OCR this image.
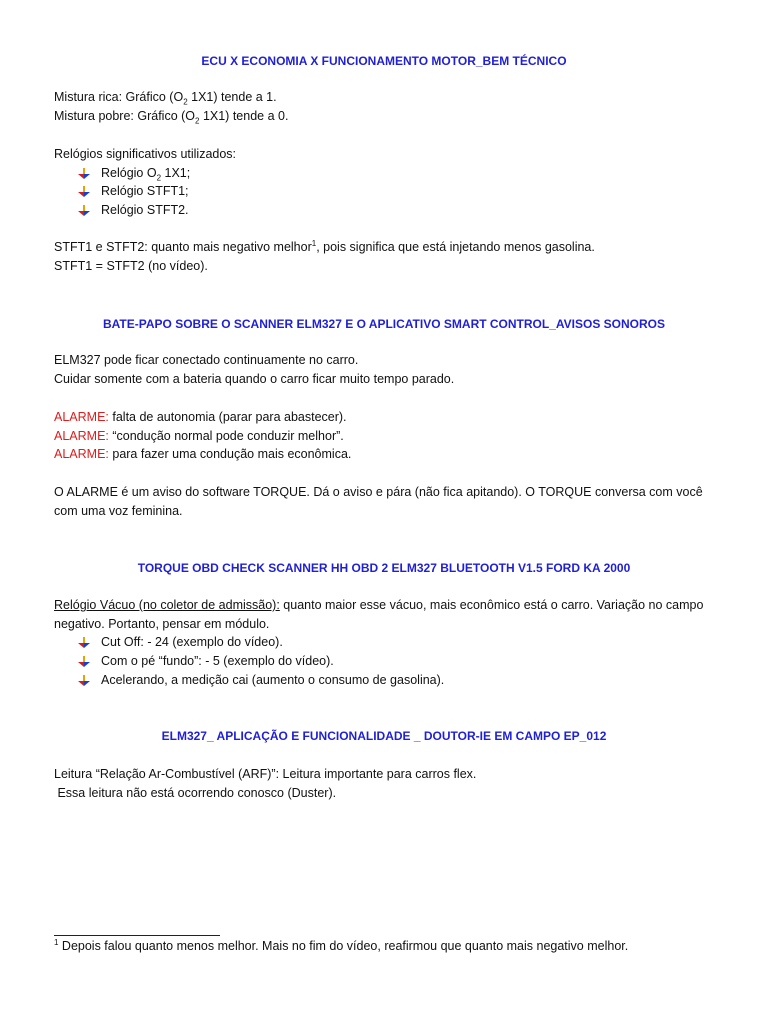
ECU X ECONOMIA X FUNCIONAMENTO MOTOR_BEM TÉCNICO
Mistura rica: Gráfico ($O_2$ 1X1) tende a 1.
Mistura pobre: Gráfico ($O_2$ 1X1) tende a 0.
Relógios significativos utilizados:
Relógio $O_2$ 1X1;
Relógio STFT1;
Relógio STFT2.
STFT1 e STFT2: quanto mais negativo melhor$^1$, pois significa que está injetando menos gasolina.
STFT1 = STFT2 (no vídeo).
BATE-PAPO SOBRE O SCANNER ELM327 E O APLICATIVO SMART CONTROL_AVISOS SONOROS
ELM327 pode ficar conectado continuamente no carro.
Cuidar somente com a bateria quando o carro ficar muito tempo parado.
ALARME: falta de autonomia (parar para abastecer).
ALARME: “condução normal pode conduzir melhor”.
ALARME: para fazer uma condução mais econômica.
O ALARME é um aviso do software TORQUE. Dá o aviso e pára (não fica apitando). O TORQUE conversa com você com uma voz feminina.
TORQUE OBD CHECK SCANNER HH OBD 2 ELM327 BLUETOOTH V1.5 FORD KA 2000
Relógio Vácuo (no coletor de admissão): quanto maior esse vácuo, mais econômico está o carro. Variação no campo negativo. Portanto, pensar em módulo.
Cut Off: - 24 (exemplo do vídeo).
Com o pé “fundo”: - 5 (exemplo do vídeo).
Acelerando, a medição cai (aumento o consumo de gasolina).
ELM327_ APLICAÇÃO E FUNCIONALIDADE _ DOUTOR-IE EM CAMPO EP_012
Leitura “Relação Ar-Combustível (ARF)”: Leitura importante para carros flex.
Essa leitura não está ocorrendo conosco (Duster).
$^1$ Depois falou quanto menos melhor. Mais no fim do vídeo, reafirmou que quanto mais negativo melhor.
